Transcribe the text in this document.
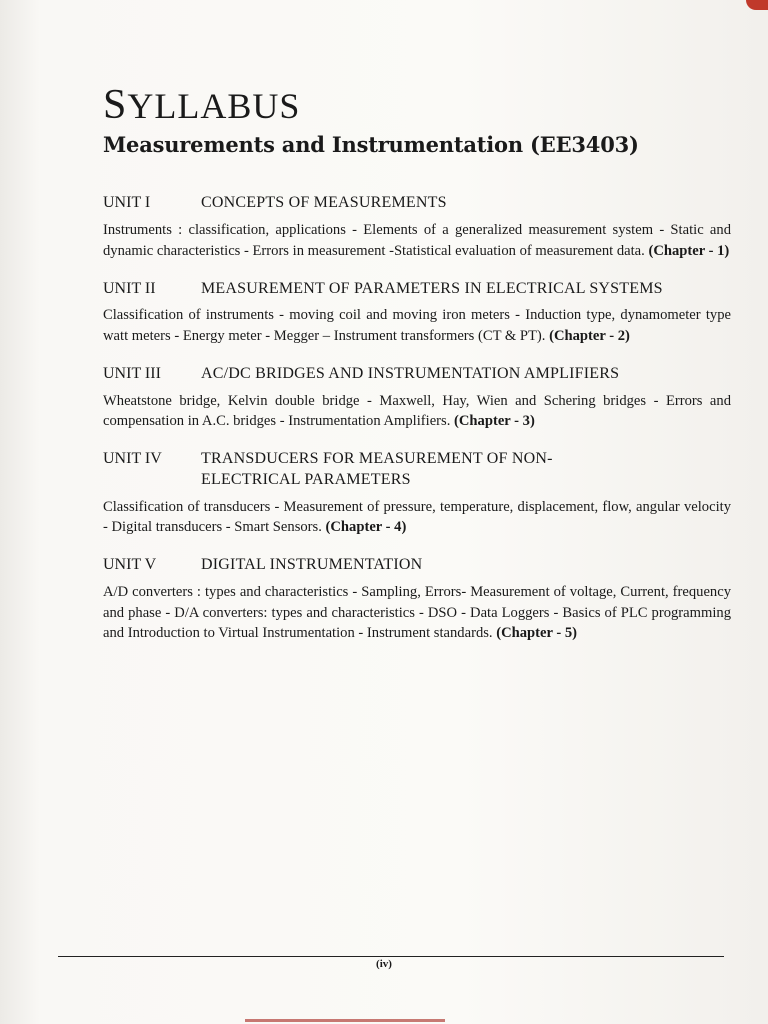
SYLLABUS
Measurements and Instrumentation (EE3403)
UNIT I	CONCEPTS OF MEASUREMENTS
Instruments : classification, applications - Elements of a generalized measurement system - Static and dynamic characteristics - Errors in measurement -Statistical evaluation of measurement data. (Chapter - 1)
UNIT II	MEASUREMENT OF PARAMETERS IN ELECTRICAL SYSTEMS
Classification of instruments - moving coil and moving iron meters - Induction type, dynamometer type watt meters - Energy meter - Megger – Instrument transformers (CT & PT). (Chapter - 2)
UNIT III	AC/DC BRIDGES AND INSTRUMENTATION AMPLIFIERS
Wheatstone bridge, Kelvin double bridge - Maxwell, Hay, Wien and Schering bridges - Errors and compensation in A.C. bridges - Instrumentation Amplifiers. (Chapter - 3)
UNIT IV	TRANSDUCERS FOR MEASUREMENT OF NON- ELECTRICAL PARAMETERS
Classification of transducers - Measurement of pressure, temperature, displacement, flow, angular velocity - Digital transducers - Smart Sensors. (Chapter - 4)
UNIT V	DIGITAL INSTRUMENTATION
A/D converters : types and characteristics - Sampling, Errors- Measurement of voltage, Current, frequency and phase - D/A converters: types and characteristics - DSO - Data Loggers - Basics of PLC programming and Introduction to Virtual Instrumentation - Instrument standards. (Chapter - 5)
(iv)
